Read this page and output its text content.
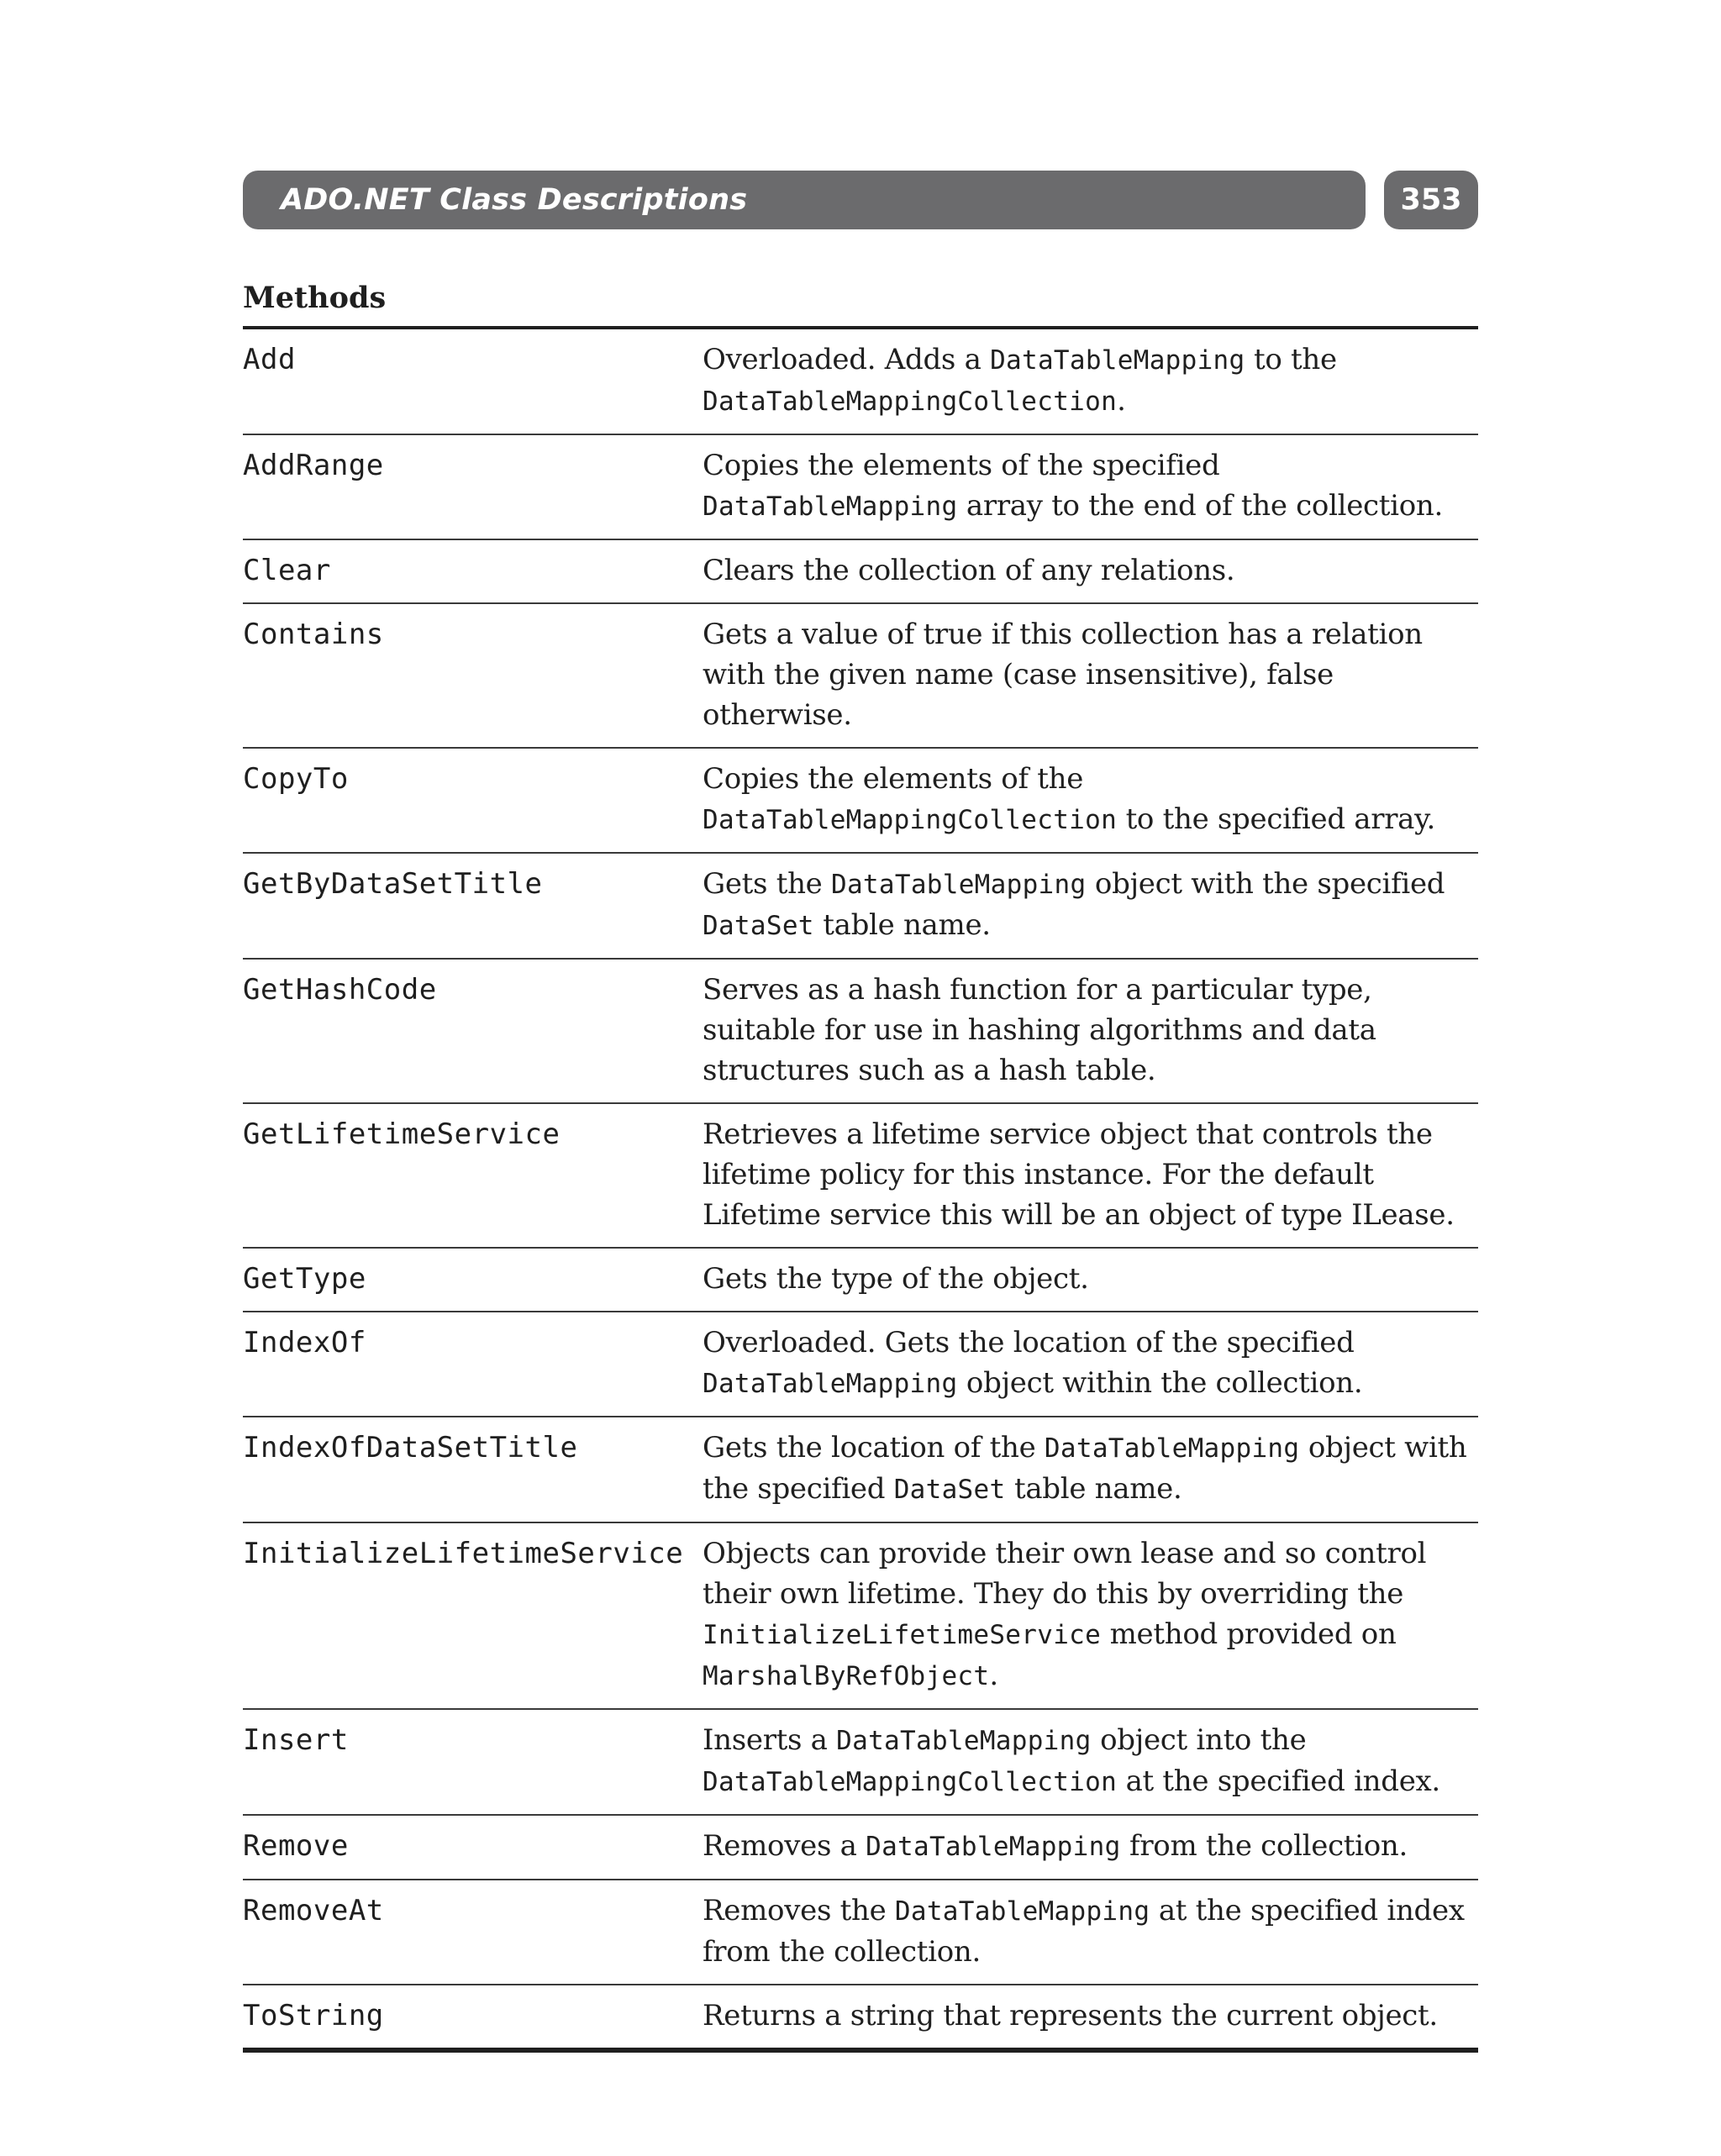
ADO.NET Class Descriptions	353
Methods
Add	Overloaded. Adds a DataTableMapping to the DataTableMappingCollection.
AddRange	Copies the elements of the specified DataTableMapping array to the end of the collection.
Clear	Clears the collection of any relations.
Contains	Gets a value of true if this collection has a relation with the given name (case insensitive), false otherwise.
CopyTo	Copies the elements of the DataTableMappingCollection to the specified array.
GetByDataSetTitle	Gets the DataTableMapping object with the specified DataSet table name.
GetHashCode	Serves as a hash function for a particular type, suitable for use in hashing algorithms and data structures such as a hash table.
GetLifetimeService	Retrieves a lifetime service object that controls the lifetime policy for this instance. For the default Lifetime service this will be an object of type ILease.
GetType	Gets the type of the object.
IndexOf	Overloaded. Gets the location of the specified DataTableMapping object within the collection.
IndexOfDataSetTitle	Gets the location of the DataTableMapping object with the specified DataSet table name.
InitializeLifetimeService	Objects can provide their own lease and so control their own lifetime. They do this by overriding the InitializeLifetimeService method provided on MarshalByRefObject.
Insert	Inserts a DataTableMapping object into the DataTableMappingCollection at the specified index.
Remove	Removes a DataTableMapping from the collection.
RemoveAt	Removes the DataTableMapping at the specified index from the collection.
ToString	Returns a string that represents the current object.
